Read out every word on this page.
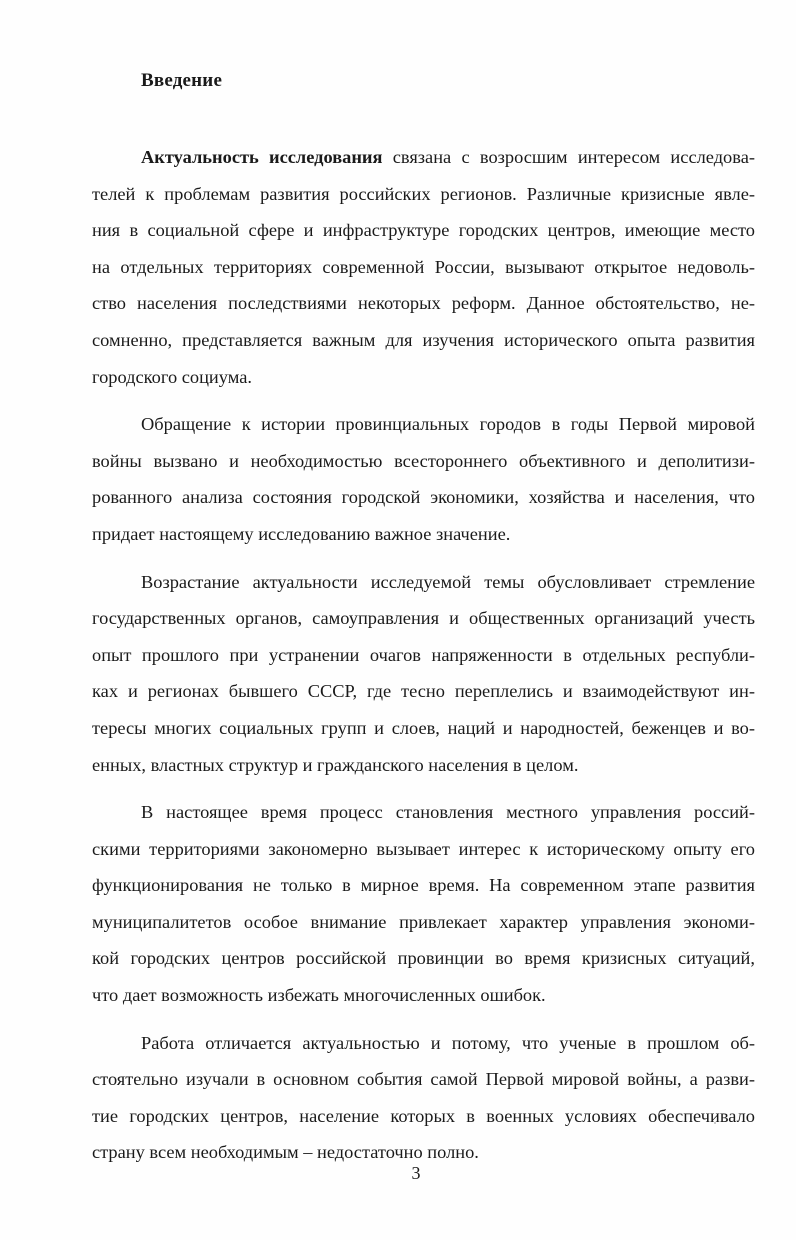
Введение
Актуальность исследования связана с возросшим интересом исследова-
телей к проблемам развития российских регионов. Различные кризисные явле-
ния в социальной сфере и инфраструктуре городских центров, имеющие место
на отдельных территориях современной России, вызывают открытое недоволь-
ство населения последствиями некоторых реформ. Данное обстоятельство, не-
сомненно, представляется важным для изучения исторического опыта развития
городского социума.
Обращение к истории провинциальных городов в годы Первой мировой
войны вызвано и необходимостью всестороннего объективного и деполитизи-
рованного анализа состояния городской экономики, хозяйства и населения, что
придает настоящему исследованию важное значение.
Возрастание актуальности исследуемой темы обусловливает стремление
государственных органов, самоуправления и общественных организаций учесть
опыт прошлого при устранении очагов напряженности в отдельных республи-
ках и регионах бывшего СССР, где тесно переплелись и взаимодействуют ин-
тересы многих социальных групп и слоев, наций и народностей, беженцев и во-
енных, властных структур и гражданского населения в целом.
В настоящее время процесс становления местного управления россий-
скими территориями закономерно вызывает интерес к историческому опыту его
функционирования не только в мирное время. На современном этапе развития
муниципалитетов особое внимание привлекает характер управления экономи-
кой городских центров российской провинции во время кризисных ситуаций,
что дает возможность избежать многочисленных ошибок.
Работа отличается актуальностью и потому, что ученые в прошлом об-
стоятельно изучали в основном события самой Первой мировой войны, а разви-
тие городских центров, население которых в военных условиях обеспечивало
страну всем необходимым – недостаточно полно.
3
